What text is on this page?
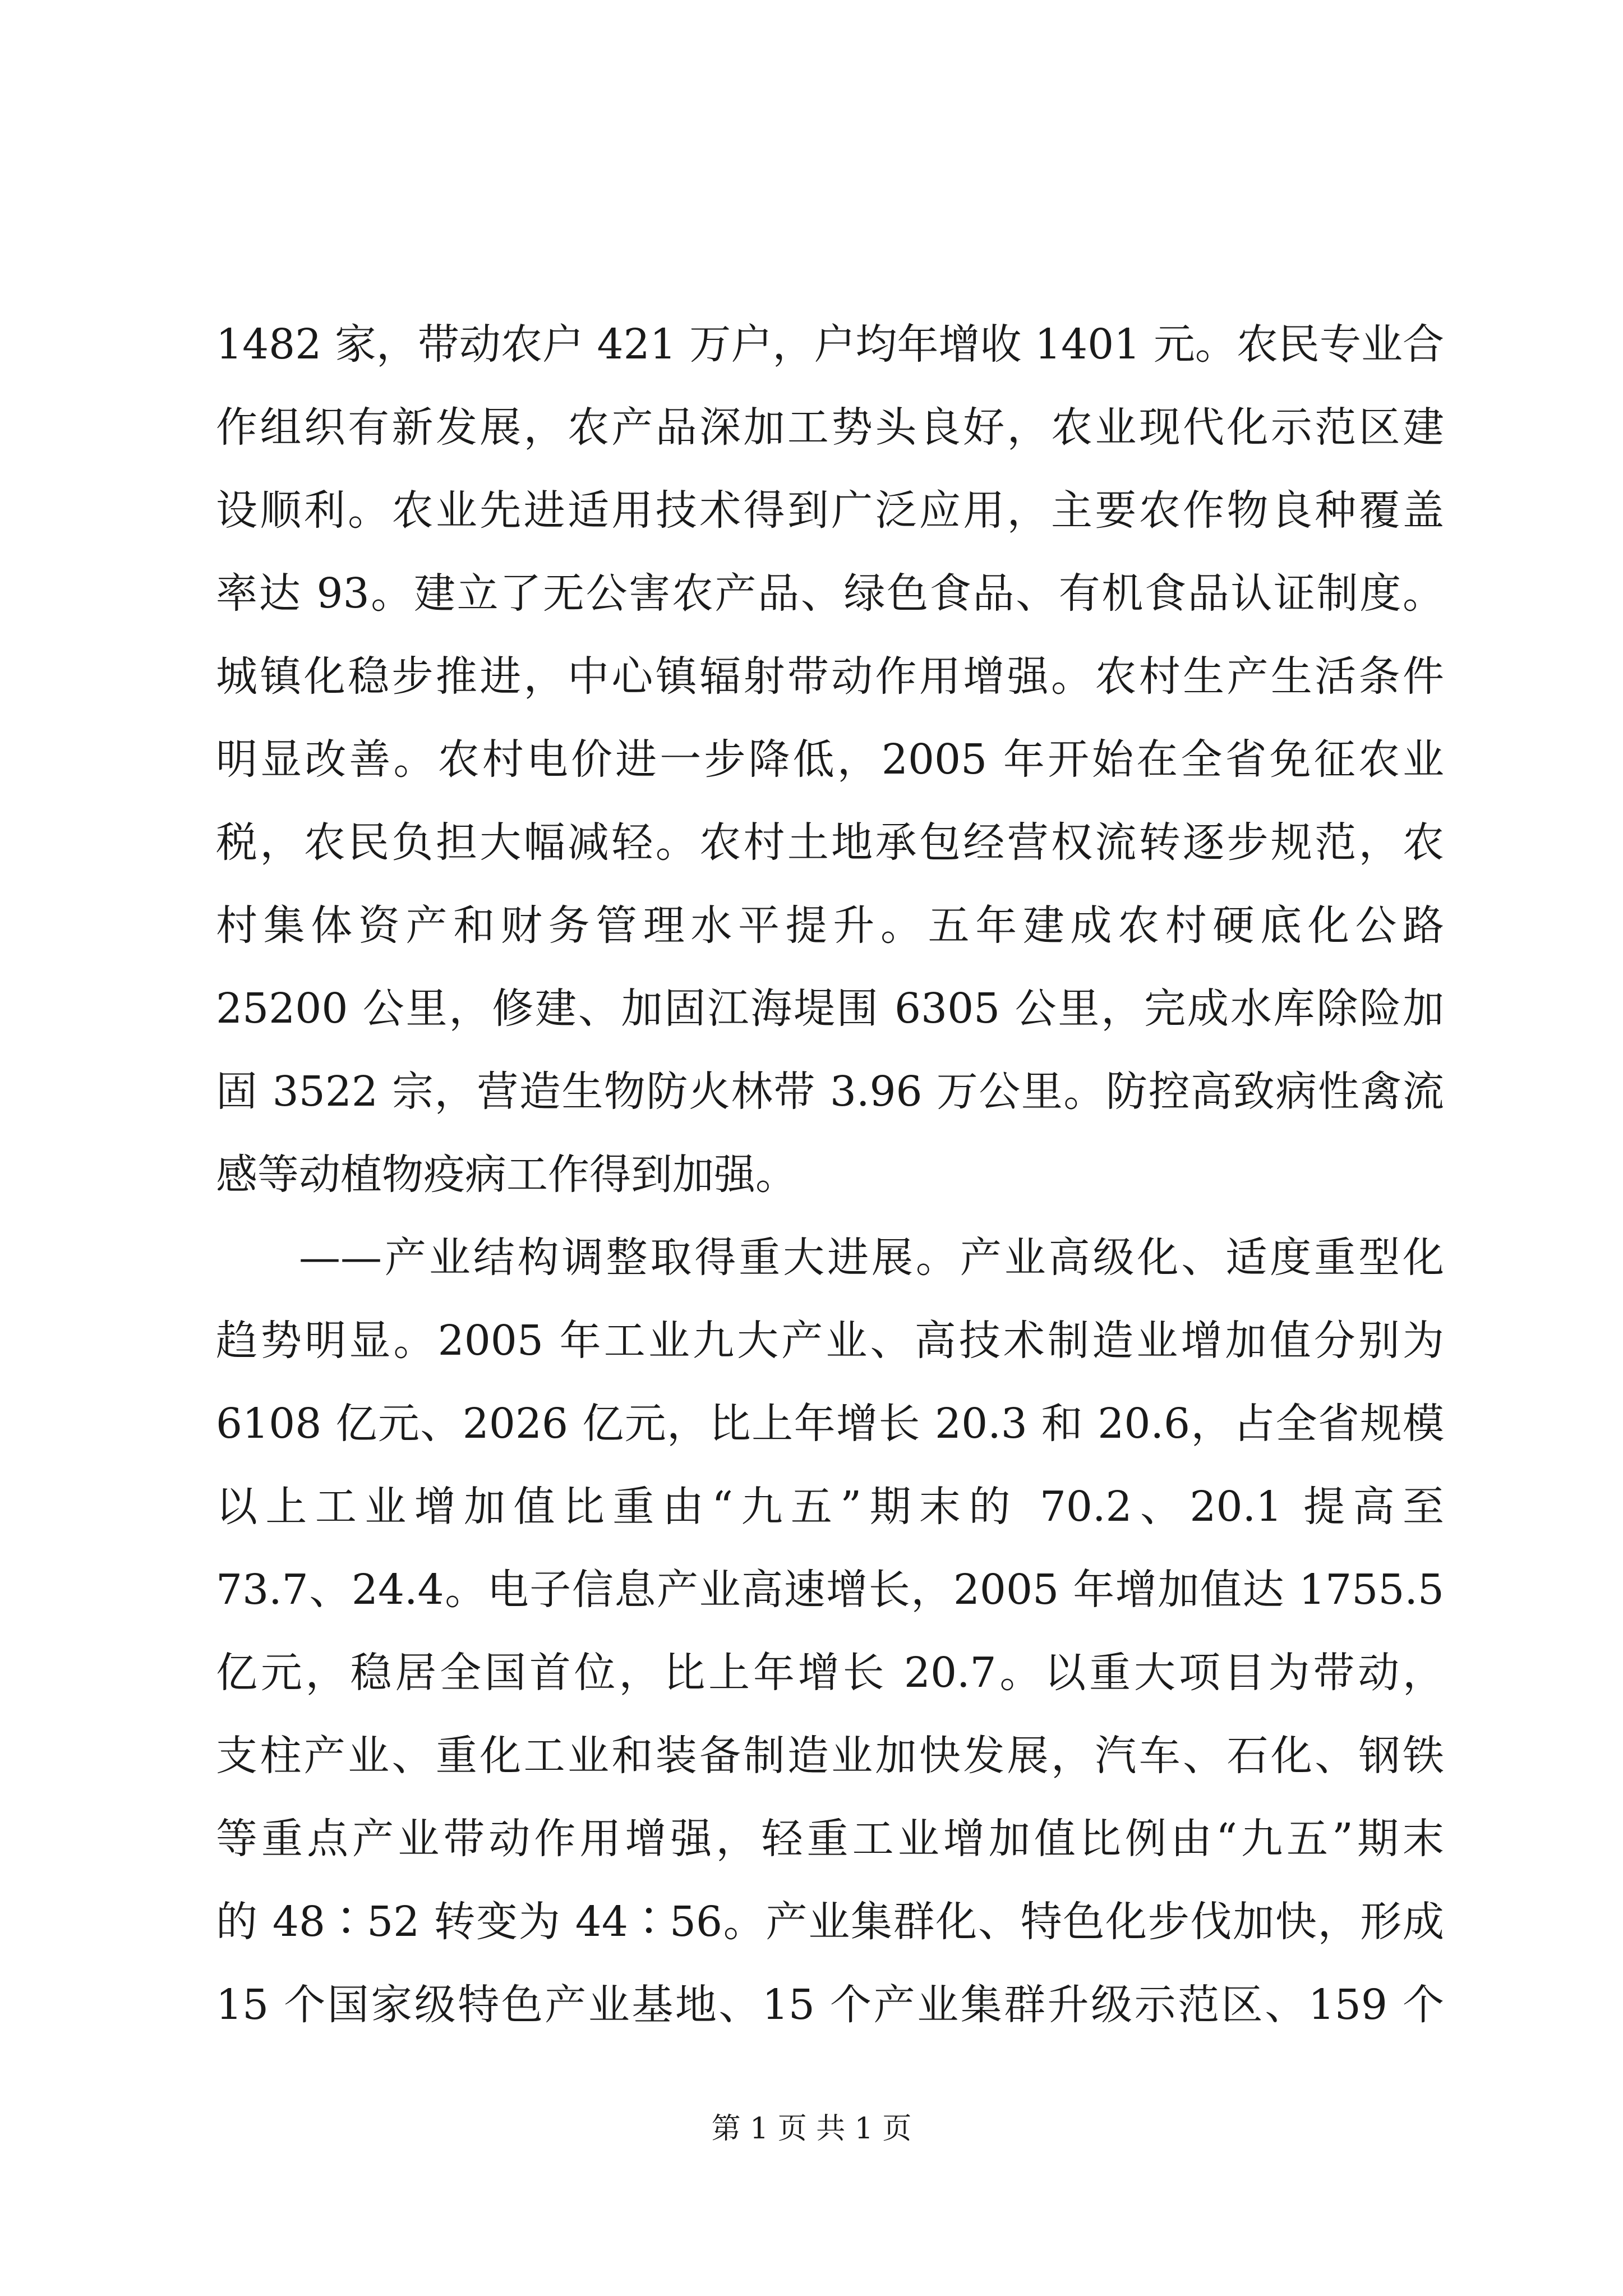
1482 家，带动农户 421 万户，户均年增收 1401 元。农民专业合
作组织有新发展，农产品深加工势头良好，农业现代化示范区建
设顺利。农业先进适用技术得到广泛应用，主要农作物良种覆盖
率达 93。建立了无公害农产品、绿色食品、有机食品认证制度。
城镇化稳步推进，中心镇辐射带动作用增强。农村生产生活条件
明显改善。农村电价进一步降低，2005 年开始在全省免征农业
税，农民负担大幅减轻。农村土地承包经营权流转逐步规范，农
村集体资产和财务管理水平提升。五年建成农村硬底化公路
25200 公里，修建、加固江海堤围 6305 公里，完成水库除险加
固 3522 宗，营造生物防火林带 3.96 万公里。防控高致病性禽流
感等动植物疫病工作得到加强。
——产业结构调整取得重大进展。产业高级化、适度重型化
趋势明显。2005 年工业九大产业、高技术制造业增加值分别为
6108 亿元、2026 亿元，比上年增长 20.3 和 20.6，占全省规模
以上工业增加值比重由“九五”期末的 70.2、20.1 提高至
73.7、24.4。电子信息产业高速增长，2005 年增加值达 1755.5
亿元，稳居全国首位，比上年增长 20.7。以重大项目为带动，
支柱产业、重化工业和装备制造业加快发展，汽车、石化、钢铁
等重点产业带动作用增强，轻重工业增加值比例由“九五”期末
的 48∶52 转变为 44∶56。产业集群化、特色化步伐加快，形成
15 个国家级特色产业基地、15 个产业集群升级示范区、159 个
第 1 页 共 1 页
